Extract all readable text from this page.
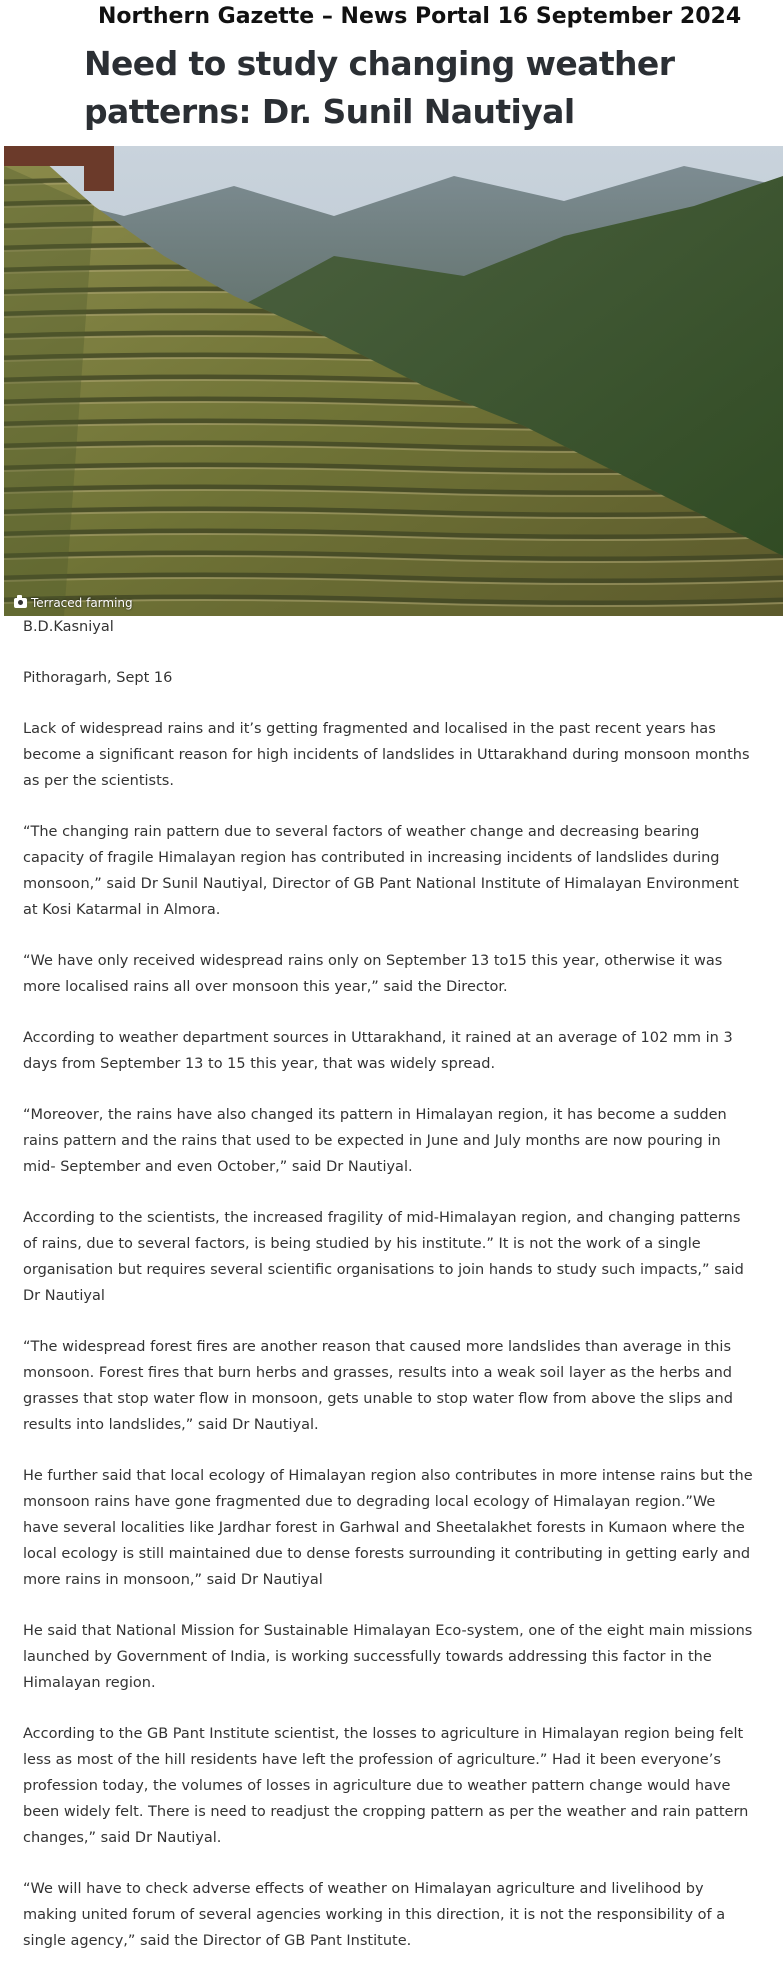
Northern Gazette – News Portal 16 September 2024
Need to study changing weather patterns: Dr. Sunil Nautiyal
Terraced farming

B.D.Kasniyal

Pithoragarh, Sept 16

Lack of widespread rains and it’s getting fragmented and localised in the past recent years has become a significant reason for high incidents of landslides in Uttarakhand during monsoon months as per the scientists.

“The changing rain pattern due to several factors of weather change and decreasing bearing capacity of fragile Himalayan region has contributed in increasing incidents of landslides during monsoon,” said Dr Sunil Nautiyal, Director of GB Pant National Institute of Himalayan Environment at Kosi Katarmal in Almora.

“We have only received widespread rains only on September 13 to15 this year, otherwise it was more localised rains all over monsoon this year,” said the Director.

According to weather department sources in Uttarakhand, it rained at an average of 102 mm in 3 days from September 13 to 15 this year, that was widely spread.

“Moreover, the rains have also changed its pattern in Himalayan region, it has become a sudden rains pattern and the rains that used to be expected in June and July months are now pouring in mid- September and even October,” said Dr Nautiyal.

According to the scientists, the increased fragility of mid-Himalayan region, and changing patterns of rains, due to several factors, is being studied by his institute.” It is not the work of a single organisation but requires several scientific organisations to join hands to study such impacts,” said Dr Nautiyal

“The widespread forest fires are another reason that caused more landslides than average in this monsoon. Forest fires that burn herbs and grasses, results into a weak soil layer as the herbs and grasses that stop water flow in monsoon, gets unable to stop water flow from above the slips and results into landslides,” said Dr Nautiyal.

He further said that local ecology of Himalayan region also contributes in more intense rains but the monsoon rains have gone fragmented due to degrading local ecology of Himalayan region.”We have several localities like Jardhar forest in Garhwal and Sheetalakhet forests in Kumaon where the local ecology is still maintained due to dense forests surrounding it contributing in getting early and more rains in monsoon,” said Dr Nautiyal

He said that National Mission for Sustainable Himalayan Eco-system, one of the eight main missions launched by Government of India, is working successfully towards addressing this factor in the Himalayan region.

According to the GB Pant Institute scientist, the losses to agriculture in Himalayan region being felt less as most of the hill residents have left the profession of agriculture.” Had it been everyone’s profession today, the volumes of losses in agriculture due to weather pattern change would have been widely felt. There is need to readjust the cropping pattern as per the weather and rain pattern changes,” said Dr Nautiyal.

“We will have to check adverse effects of weather on Himalayan agriculture and livelihood by making united forum of several agencies working in this direction, it is not the responsibility of a single agency,” said the Director of GB Pant Institute.
